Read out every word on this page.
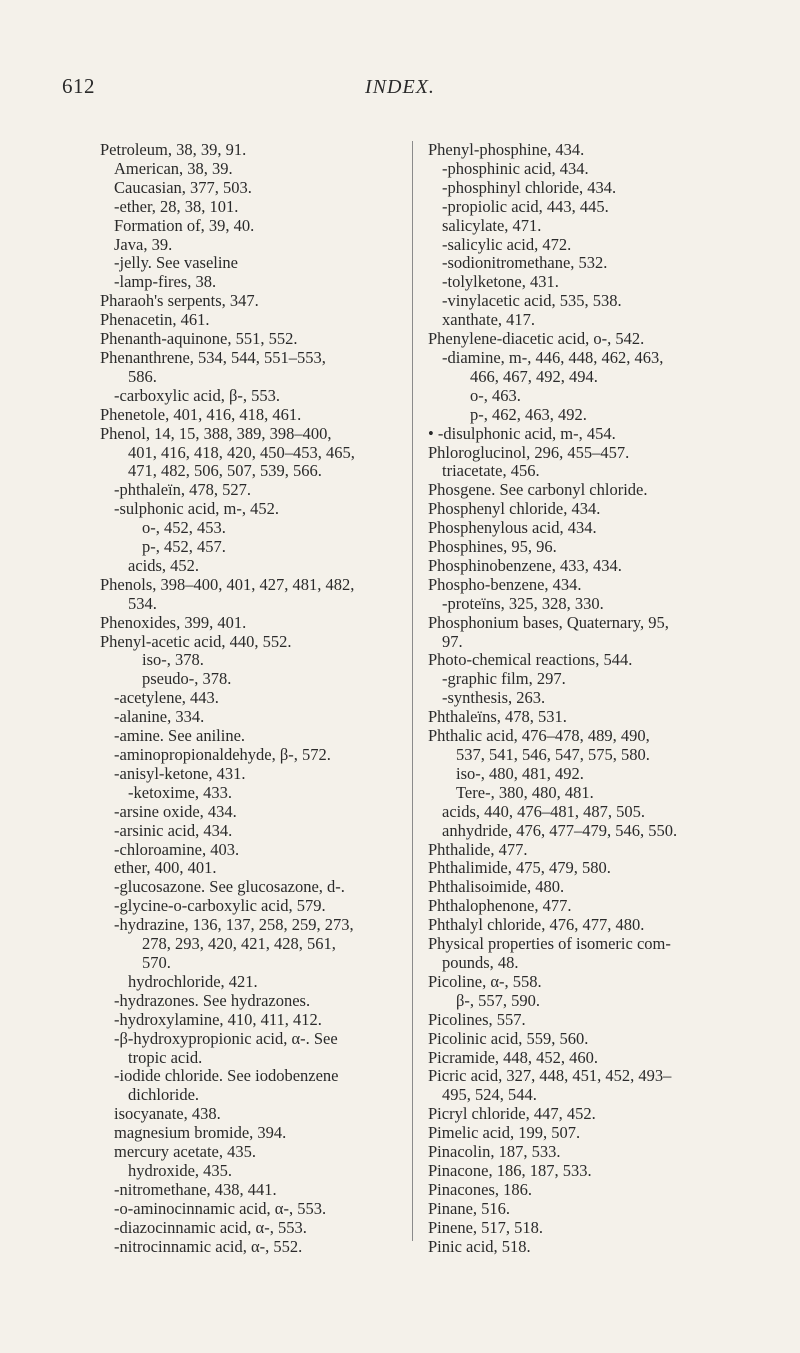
612	INDEX.
Petroleum, 38, 39, 91.
American, 38, 39.
Caucasian, 377, 503.
-ether, 28, 38, 101.
Formation of, 39, 40.
Java, 39.
-jelly. See vaseline
-lamp-fires, 38.
Pharaoh's serpents, 347.
Phenacetin, 461.
Phenanth-aquinone, 551, 552.
Phenanthrene, 534, 544, 551–553,
586.
-carboxylic acid, β-, 553.
Phenetole, 401, 416, 418, 461.
Phenol, 14, 15, 388, 389, 398–400,
401, 416, 418, 420, 450–453, 465,
471, 482, 506, 507, 539, 566.
-phthaleïn, 478, 527.
-sulphonic acid, m-, 452.
o-, 452, 453.
p-, 452, 457.
acids, 452.
Phenols, 398–400, 401, 427, 481, 482,
534.
Phenoxides, 399, 401.
Phenyl-acetic acid, 440, 552.
iso-, 378.
pseudo-, 378.
-acetylene, 443.
-alanine, 334.
-amine. See aniline.
-aminopropionaldehyde, β-, 572.
-anisyl-ketone, 431.
-ketoxime, 433.
-arsine oxide, 434.
-arsinic acid, 434.
-chloroamine, 403.
ether, 400, 401.
-glucosazone. See glucosazone, d-.
-glycine-o-carboxylic acid, 579.
-hydrazine, 136, 137, 258, 259, 273,
278, 293, 420, 421, 428, 561,
570.
hydrochloride, 421.
-hydrazones. See hydrazones.
-hydroxylamine, 410, 411, 412.
-β-hydroxypropionic acid, α-. See
tropic acid.
-iodide chloride. See iodobenzene
dichloride.
isocyanate, 438.
magnesium bromide, 394.
mercury acetate, 435.
hydroxide, 435.
-nitromethane, 438, 441.
-o-aminocinnamic acid, α-, 553.
-diazocinnamic acid, α-, 553.
-nitrocinnamic acid, α-, 552.
Phenyl-phosphine, 434.
-phosphinic acid, 434.
-phosphinyl chloride, 434.
-propiolic acid, 443, 445.
salicylate, 471.
-salicylic acid, 472.
-sodionitromethane, 532.
-tolylketone, 431.
-vinylacetic acid, 535, 538.
xanthate, 417.
Phenylene-diacetic acid, o-, 542.
-diamine, m-, 446, 448, 462, 463,
466, 467, 492, 494.
o-, 463.
p-, 462, 463, 492.
• -disulphonic acid, m-, 454.
Phloroglucinol, 296, 455–457.
triacetate, 456.
Phosgene. See carbonyl chloride.
Phosphenyl chloride, 434.
Phosphenylous acid, 434.
Phosphines, 95, 96.
Phosphinobenzene, 433, 434.
Phospho-benzene, 434.
-proteïns, 325, 328, 330.
Phosphonium bases, Quaternary, 95,
97.
Photo-chemical reactions, 544.
-graphic film, 297.
-synthesis, 263.
Phthaleïns, 478, 531.
Phthalic acid, 476–478, 489, 490,
537, 541, 546, 547, 575, 580.
iso-, 480, 481, 492.
Tere-, 380, 480, 481.
acids, 440, 476–481, 487, 505.
anhydride, 476, 477–479, 546, 550.
Phthalide, 477.
Phthalimide, 475, 479, 580.
Phthalisoimide, 480.
Phthalophenone, 477.
Phthalyl chloride, 476, 477, 480.
Physical properties of isomeric com-
pounds, 48.
Picoline, α-, 558.
β-, 557, 590.
Picolines, 557.
Picolinic acid, 559, 560.
Picramide, 448, 452, 460.
Picric acid, 327, 448, 451, 452, 493–
495, 524, 544.
Picryl chloride, 447, 452.
Pimelic acid, 199, 507.
Pinacolin, 187, 533.
Pinacone, 186, 187, 533.
Pinacones, 186.
Pinane, 516.
Pinene, 517, 518.
Pinic acid, 518.
